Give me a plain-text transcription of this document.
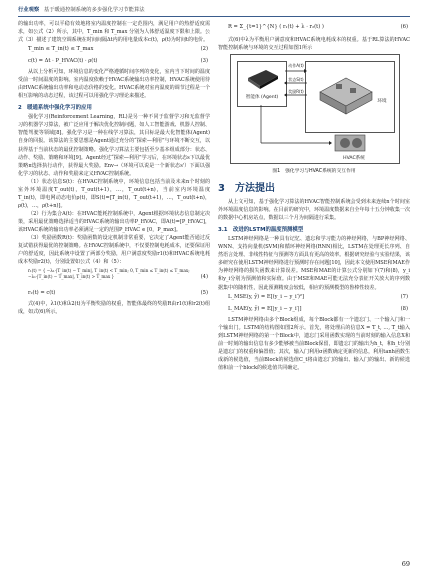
行业观察 基于暖通控制系统的多步强化学习节能算法

的输出功率，可以平稳有效地将室内温度控制在一定范围内，满足用户的热舒适度需求，如公式（2）所示，其中，T_min 和 T_max 分别为人体舒适温度下限和上限。公式（3）描述了建筑空调系统在时间间隔Δt内的用电量成本c(t)，ρ(t)为时间t的电价。

T_min ≤ T_in(t) ≤ T_max	(2)
c(t) = Δt · P_HVAC(t) · ρ(t)	(3)

从以上分析可知，环境信息的变化严格遵循时间序列的变化，室内当下时间的温度受前一时间温度的影响。室内温度依赖于HVAC系统输出功率控制，HVAC系统使用待由HVAC系统输出功率和电动态价格的变化。HVAC系统对室内温度的调节过程是一个相互影响的动态过程，该过程可以用强化学习理论来描述。

2　暖通系统中强化学习的应用

强化学习(Reinforcement Learning，RL)是另一种不同于监督学习和无监督学习的机器学习算法，被广泛应用于解决优化控制问题，如人工智能游戏、机器人控制、智能驾驶等领域[8]。强化学习是一种在线学习算法，其目标是最大化智能体(Agent)自身的回报。该算法的主要思想是Agent通过充分的“探索—利用”与环境不断交互，以获得基于当前状态的最优控制策略。强化学习算法主要包括至少基本组成部分：状态、动作、奖励、策略和环境[9]。Agent经过“探索—利用”学习后，在环境状态s下以最优策略π选择执行动作，获得最大奖励。Env→（环境可以说是一个新状态s'）下面以强化学习的状态、动作和奖励来定义HVAC控制系统。

（1）状态信息S(t)：在HVAC控制系统中，环境信息包括当前及未来n个时刻的室外环境温度T_out(t)，T_out(t+1)，…，T_out(t+n)，当前室内环境温度T_in(t)，即电网动态电价ρ(t)，即S(t)=[T_in(t)，T_out(t+1)，…，T_out(t+n)，ρ(t)，…，ρ(t+n)]。

（2）行为集合A(t)：在HVAC能耗控制系统中，Agent根据环境状态信息制定决策，采用最优策略选择适当的HVAC系统的输出功率P_HVAC，即A(t)=[P_HVAC]，该HVAC系统的输出功率必须满足一定的范围P_HVAC ∈ [0，P_max]。

（3）奖励函数R(t)：奖励函数的设定机制非常重要，它决定了Agent能否通过反复试错获得最优的控制策略。在HVAC控制系统中，不仅要控制电耗成本，还要保证用户的舒适度，因此系统中设置了两部分奖励，用户满意度奖励r1(t)和HVAC系统电耗成本奖励r2(t)，分别设置如公式（4）和（5）：

r₁(t) = { −λ₁·|T_in(t) − T_min|, T_in(t) < T_min; 0, T_min ≤ T_in(t) ≤ T_max; −λ₁·|T_in(t) − T_max|, T_in(t) > T_max }	(4)
r₂(t) = c(t)	(5)

式(4)中，λ1(t)和λ2(t)为平衡奖励的权重，智能体最终的奖励R由r1(t)和r2(t)组成，如式(6)所示。

R = Σ_{t=1}^{N} ( r₁(t) + λ · r₂(t) )	(6)

式(6)中λ为平衡用户满意度和HVAC系统电耗成本的权重。基于RL算法的HVAC智能控制系统与环境的交互过程如图1所示

智能体 (Agent)
环境
HVAC系统
动作A(t)
状态S(t)
奖励R(t)
图1　强化学习与HVAC系统的交互作用
3　方法提出

从上文可知，基于强化学习算法的HVAC智能控制系统会受到未来连续n个时间室外环境温度信息的影响。在目前的研究中，环境温度数据来自全年每十五分钟收集一次的数据中心机房站点，数据以三个月为间隔进行采集。

3.1　改进的LSTM的温度预测模型

LSTM神经网络是一种具有记忆、遗忘和学习能力的神经网络，与BP神经网络、WNN、支持向量机(SVM)和循环神经网络(RNN)相比，LSTM在处理更长序列、自然语言处理、非线性特征与预测等方面具有更高的效率。根据研究经验与实验结果，该多研究在使用LSTM神经网络进行预测时存在问题[10]，因此本文使用MSE和MAE作为神经网络的损失函数来计算误差。MSE和MAE的计算公式分别如下(7)和(8)，y_i和y_i分别为预测值和实际值。由于MSE和MAE可能无法充分表征开关放大的序列数据集中的随机性，因此预测精度会较低，相应的预测模型的鲁棒性较差。

L_MSE(y, ŷ) = E[(y_i − y_i′)²]	(7)
L_MAE(y, ŷ) = E[|y_i − y_i′|]	(8)

LSTM神经网络由多个Block组成，每个Block都有一个遗忘门、一个输入门和一个输出门。LSTM的结构图如图2所示。首先，将处理后的信息X = T_t, …, T_t输入到LSTM神经网络的第一个Block中，遗忘门采用函数实现的当前时刻的输入信息X和前一时刻的输出信息有多少能够被当前Block保留，即遗忘门的输出为h_t，和h_t分别是遗忘门的权重和偏置值；其次，输入门利用σ函数确定更新的信息，利用tanh函数生成新的候选值，当前Block的候选值C_t将由遗忘门的输出、输入门的输出、新的候选值和前一个block的候选值共同确定。

69
